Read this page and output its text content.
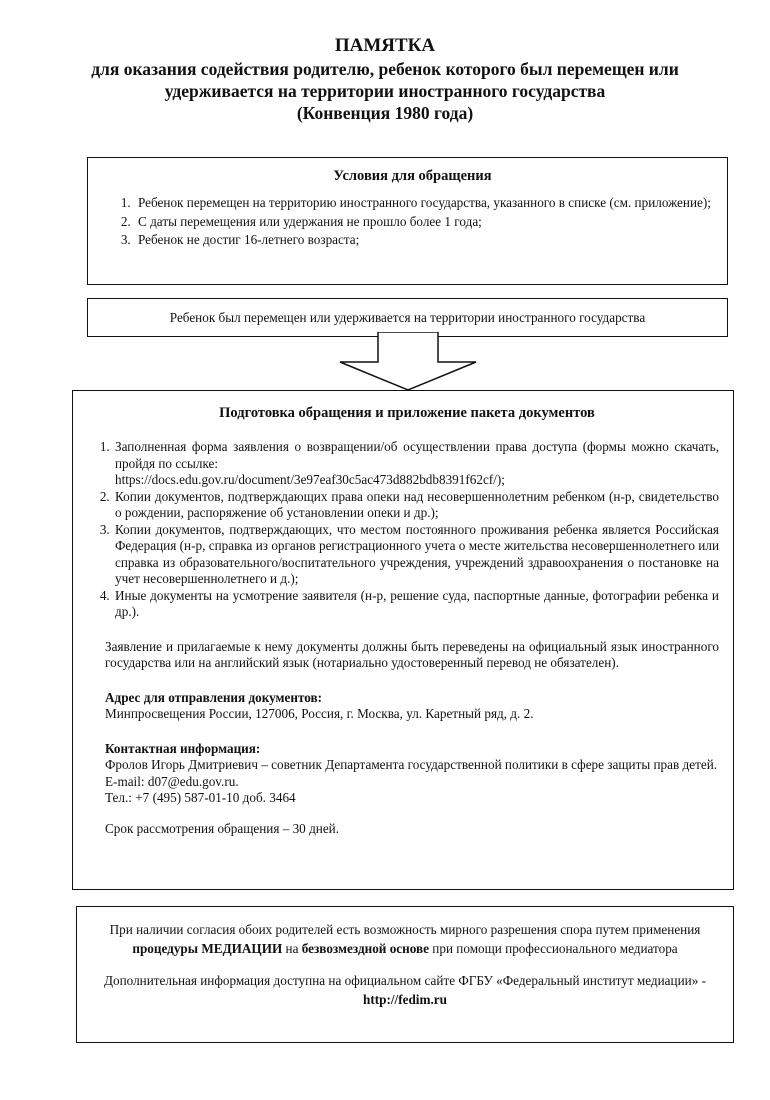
ПАМЯТКА
для оказания содействия родителю, ребенок которого был перемещен или
удерживается на территории иностранного государства
(Конвенция 1980 года)
Условия для обращения
1. Ребенок перемещен на территорию иностранного государства, указанного в списке (см. приложение);
2. С даты перемещения или удержания не прошло более 1 года;
3. Ребенок не достиг 16-летнего возраста;
Ребенок был перемещен или удерживается на территории иностранного государства
Подготовка обращения и приложение пакета документов
1. Заполненная форма заявления о возвращении/об осуществлении права доступа (формы можно скачать, пройдя по ссылке:
https://docs.edu.gov.ru/document/3e97eaf30c5ac473d882bdb8391f62cf/);
2. Копии документов, подтверждающих права опеки над несовершеннолетним ребенком (н-р, свидетельство о рождении, распоряжение об установлении опеки и др.);
3. Копии документов, подтверждающих, что местом постоянного проживания ребенка является Российская Федерация (н-р, справка из органов регистрационного учета о месте жительства несовершеннолетнего или справка из образовательного/воспитательного учреждения, учреждений здравоохранения о постановке на учет несовершеннолетнего и д.);
4. Иные документы на усмотрение заявителя (н-р, решение суда, паспортные данные, фотографии ребенка и др.).

Заявление и прилагаемые к нему документы должны быть переведены на официальный язык иностранного государства или на английский язык (нотариально удостоверенный перевод не обязателен).

Адрес для отправления документов:

Минпросвещения России, 127006, Россия, г. Москва, ул. Каретный ряд, д. 2.

Контактная информация:

Фролов Игорь Дмитриевич – советник Департамента государственной политики в сфере защиты прав детей.

E-mail: d07@edu.gov.ru.

Тел.: +7 (495) 587-01-10 доб. 3464

Срок рассмотрения обращения – 30 дней.

При наличии согласия обоих родителей есть возможность мирного разрешения спора путем применения процедуры МЕДИАЦИИ на безвозмездной основе при помощи профессионального медиатора
Дополнительная информация доступна на официальном сайте ФГБУ «Федеральный институт медиации» - http://fedim.ru
